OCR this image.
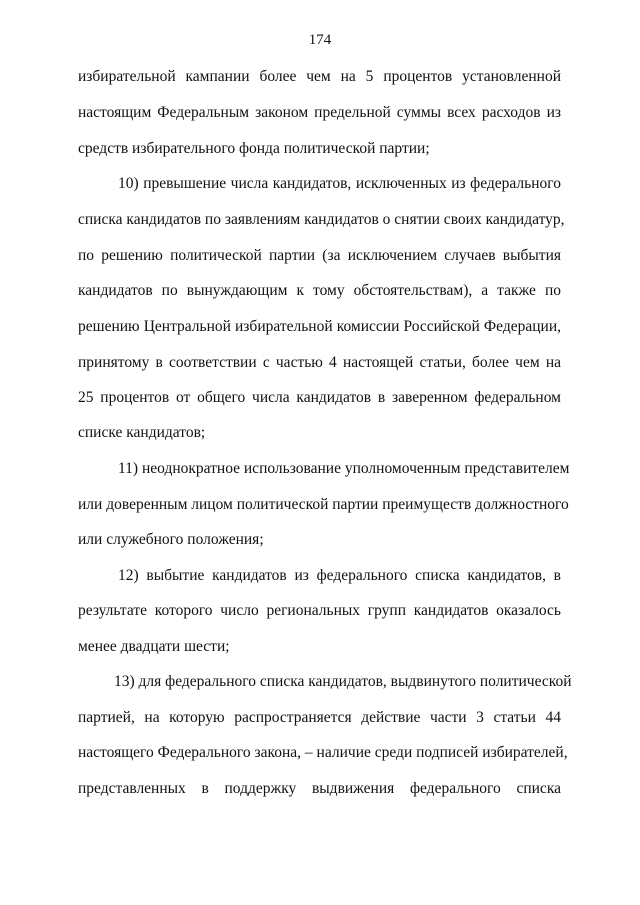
174
избирательной кампании более чем на 5 процентов установленной
настоящим Федеральным законом предельной суммы всех расходов из
средств избирательного фонда политической партии;
10) превышение числа кандидатов, исключенных из федерального
списка кандидатов по заявлениям кандидатов о снятии своих кандидатур,
по решению политической партии (за исключением случаев выбытия
кандидатов по вынуждающим к тому обстоятельствам), а также по
решению Центральной избирательной комиссии Российской Федерации,
принятому в соответствии с частью 4 настоящей статьи, более чем на
25 процентов от общего числа кандидатов в заверенном федеральном
списке кандидатов;
11) неоднократное использование уполномоченным представителем
или доверенным лицом политической партии преимуществ должностного
или служебного положения;
12) выбытие кандидатов из федерального списка кандидатов, в
результате которого число региональных групп кандидатов оказалось
менее двадцати шести;
13) для федерального списка кандидатов, выдвинутого политической
партией, на которую распространяется действие части 3 статьи 44
настоящего Федерального закона, – наличие среди подписей избирателей,
представленных в поддержку выдвижения федерального списка
